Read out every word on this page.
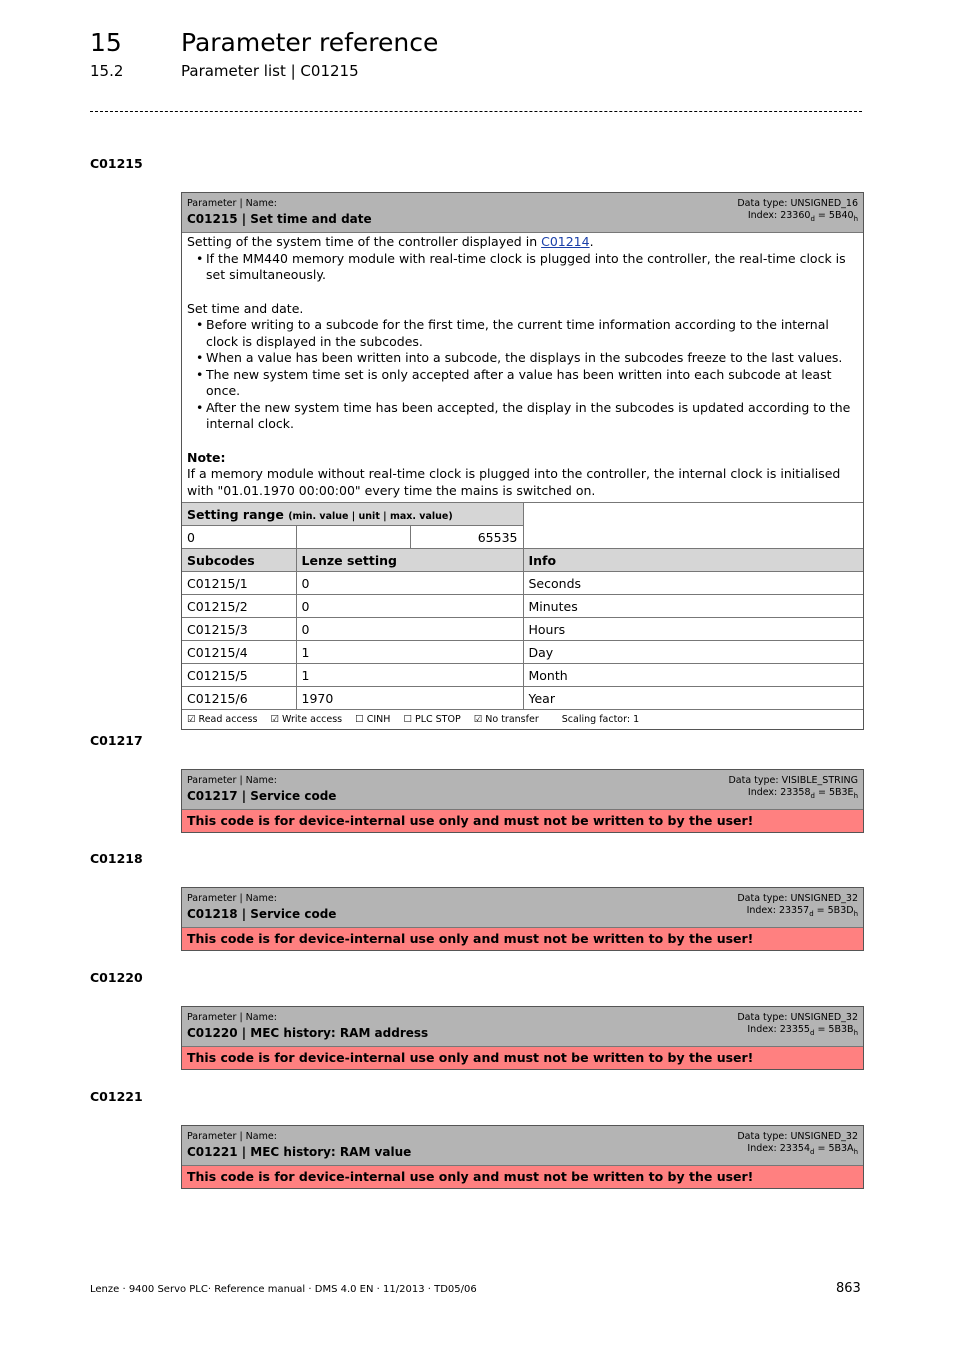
15 Parameter reference
15.2	Parameter list | C01215
C01215
Parameter | Name:
C01215 | Set time and date
Data type: UNSIGNED_16
Index: $23360_d = 5B40_h$

Setting of the system time of the controller displayed in C01214.

• If the MM440 memory module with real-time clock is plugged into the controller, the real-time clock is set simultaneously.

Set time and date.

• Before writing to a subcode for the first time, the current time information according to the internal clock is displayed in the subcodes.
• When a value has been written into a subcode, the displays in the subcodes freeze to the last values.
• The new system time set is only accepted after a value has been written into each subcode at least once.
• After the new system time has been accepted, the display in the subcodes is updated according to the internal clock.

Note:

If a memory module without real-time clock is plugged into the controller, the internal clock is initialised with "01.01.1970 00:00:00" every time the mains is switched on.

Setting range (min. value | unit | max. value)			
0		65535	
Subcodes	Lenze setting		Info
C01215/1	0		Seconds
C01215/2	0		Minutes
C01215/3	0		Hours
C01215/4	1		Day
C01215/5	1		Month
C01215/6	1970		Year
☑ Read access ☑ Write access ☐ CINH ☐ PLC STOP ☑ No transfer Scaling factor: 1
C01217
Parameter | Name:
C01217 | Service code
Data type: VISIBLE_STRING
Index: $23358_d = 5B3E_h$
This code is for device-internal use only and must not be written to by the user!
C01218
Parameter | Name:
C01218 | Service code
Data type: UNSIGNED_32
Index: $23357_d = 5B3D_h$
This code is for device-internal use only and must not be written to by the user!
C01220
Parameter | Name:
C01220 | MEC history: RAM address
Data type: UNSIGNED_32
Index: $23355_d = 5B3B_h$
This code is for device-internal use only and must not be written to by the user!
C01221
Parameter | Name:
C01221 | MEC history: RAM value
Data type: UNSIGNED_32
Index: $23354_d = 5B3A_h$
This code is for device-internal use only and must not be written to by the user!
Lenze · 9400 Servo PLC· Reference manual · DMS 4.0 EN · 11/2013 · TD05/06	863
